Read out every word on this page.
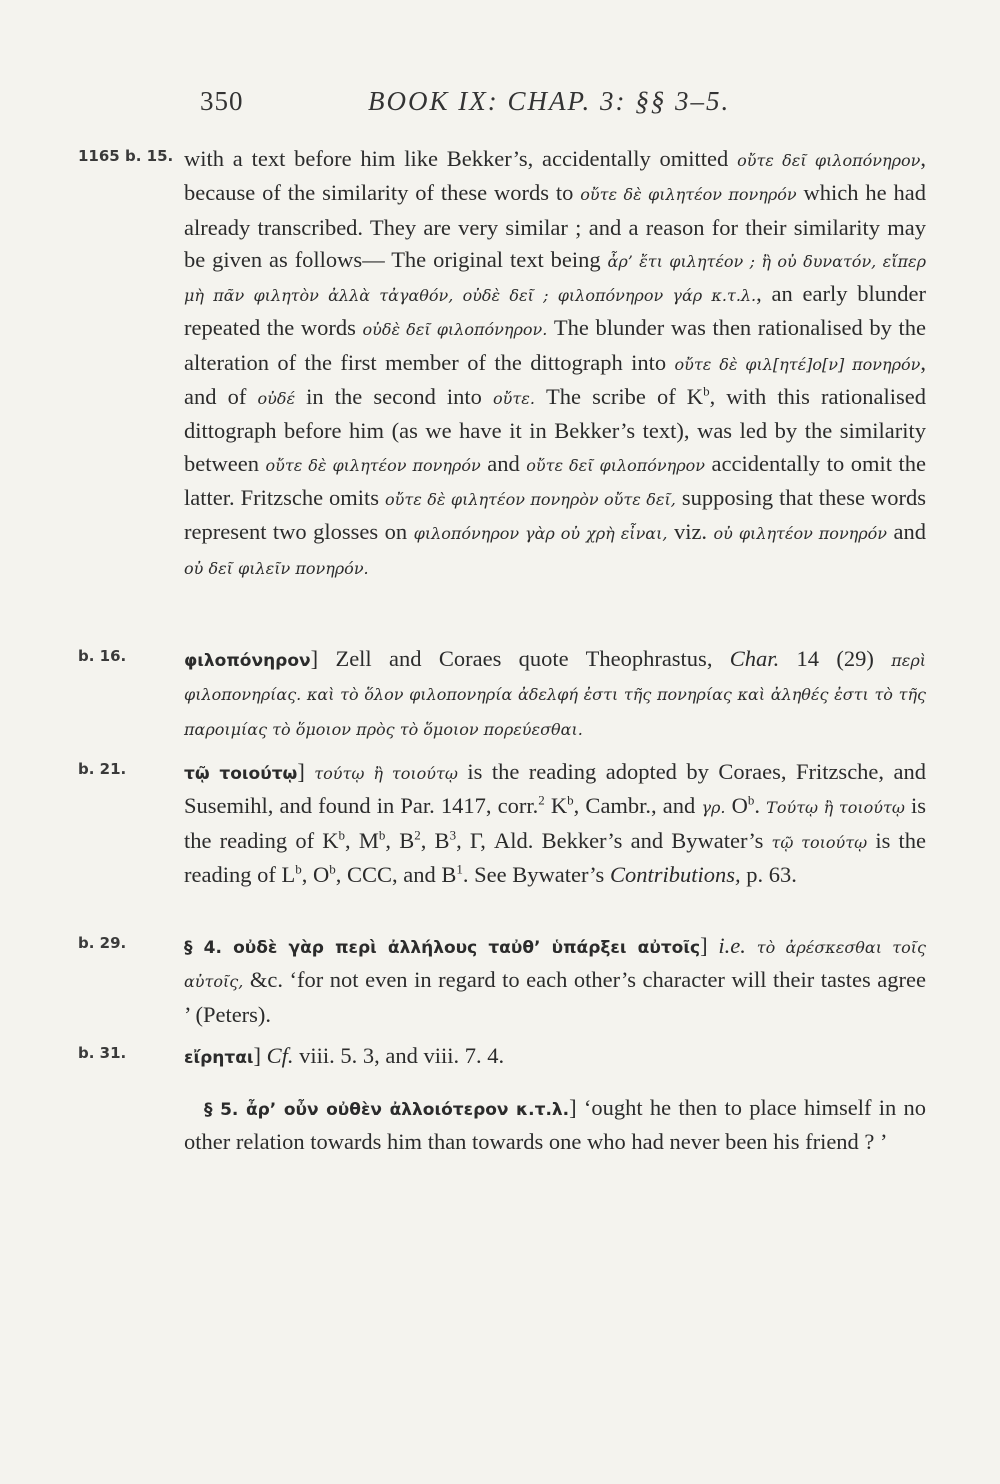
350	BOOK IX: CHAP. 3: §§ 3–5.
1165 b. 15. with a text before him like Bekker’s, accidentally omitted οὔτε δεῖ φιλοπόνηρον, because of the similarity of these words to οὔτε δὲ φιλητέον πονηρόν which he had already transcribed. They are very similar ; and a reason for their similarity may be given as follows— The original text being ἆρ’ ἔτι φιλητέον ; ἢ οὐ δυνατόν, εἴπερ μὴ πᾶν φιλητὸν ἀλλὰ τἀγαθόν, οὐδὲ δεῖ ; φιλοπόνηρον γάρ κ.τ.λ., an early blunder repeated the words οὐδὲ δεῖ φιλοπόνηρον. The blunder was then rationalised by the alteration of the first member of the dittograph into οὔτε δὲ φιλ[ητέ]ο[ν] πονηρόν, and of οὐδέ in the second into οὔτε. The scribe of $K^b$, with this rationalised dittograph before him (as we have it in Bekker’s text), was led by the similarity between οὔτε δὲ φιλητέον πονηρόν and οὔτε δεῖ φιλοπόνηρον accidentally to omit the latter. Fritzsche omits οὔτε δὲ φιλητέον πονηρὸν οὔτε δεῖ, supposing that these words represent two glosses on φιλοπόνηρον γὰρ οὐ χρὴ εἶναι, viz. οὐ φιλητέον πονηρόν and οὐ δεῖ φιλεῖν πονηρόν.
b. 16.	φιλοπόνηρον] Zell and Coraes quote Theophrastus, Char. 14 (29) περὶ φιλοπονηρίας. καὶ τὸ ὅλον φιλοπονηρία ἀδελφή ἐστι τῆς πονηρίας καὶ ἀληθές ἐστι τὸ τῆς παροιμίας τὸ ὅμοιον πρὸς τὸ ὅμοιον πορεύεσθαι.
b. 21.	τῷ τοιούτῳ] τούτῳ ἢ τοιούτῳ is the reading adopted by Coraes, Fritzsche, and Susemihl, and found in Par. 1417, corr.$^2$ $K^b$, Cambr., and γρ. $O^b$. Τούτῳ ἢ τοιούτῳ is the reading of $K^b$, $M^b$, $B^2$, $B^3$, Γ, Ald. Bekker’s and Bywater’s τῷ τοιούτῳ is the reading of $L^b$, $O^b$, CCC, and $B^1$. See Bywater’s Contributions, p. 63.
b. 29.	§ 4. οὐδὲ γὰρ περὶ ἀλλήλους ταὐθ’ ὑπάρξει αὐτοῖς] i.e. τὸ ἀρέσκεσθαι τοῖς αὐτοῖς, &c. ‘for not even in regard to each other’s character will their tastes agree ’ (Peters).
b. 31.	εἴρηται] Cf. viii. 5. 3, and viii. 7. 4.
§ 5. ἆρ’ οὖν οὐθὲν ἀλλοιότερον κ.τ.λ.] ‘ought he then to place himself in no other relation towards him than towards one who had never been his friend ? ’
